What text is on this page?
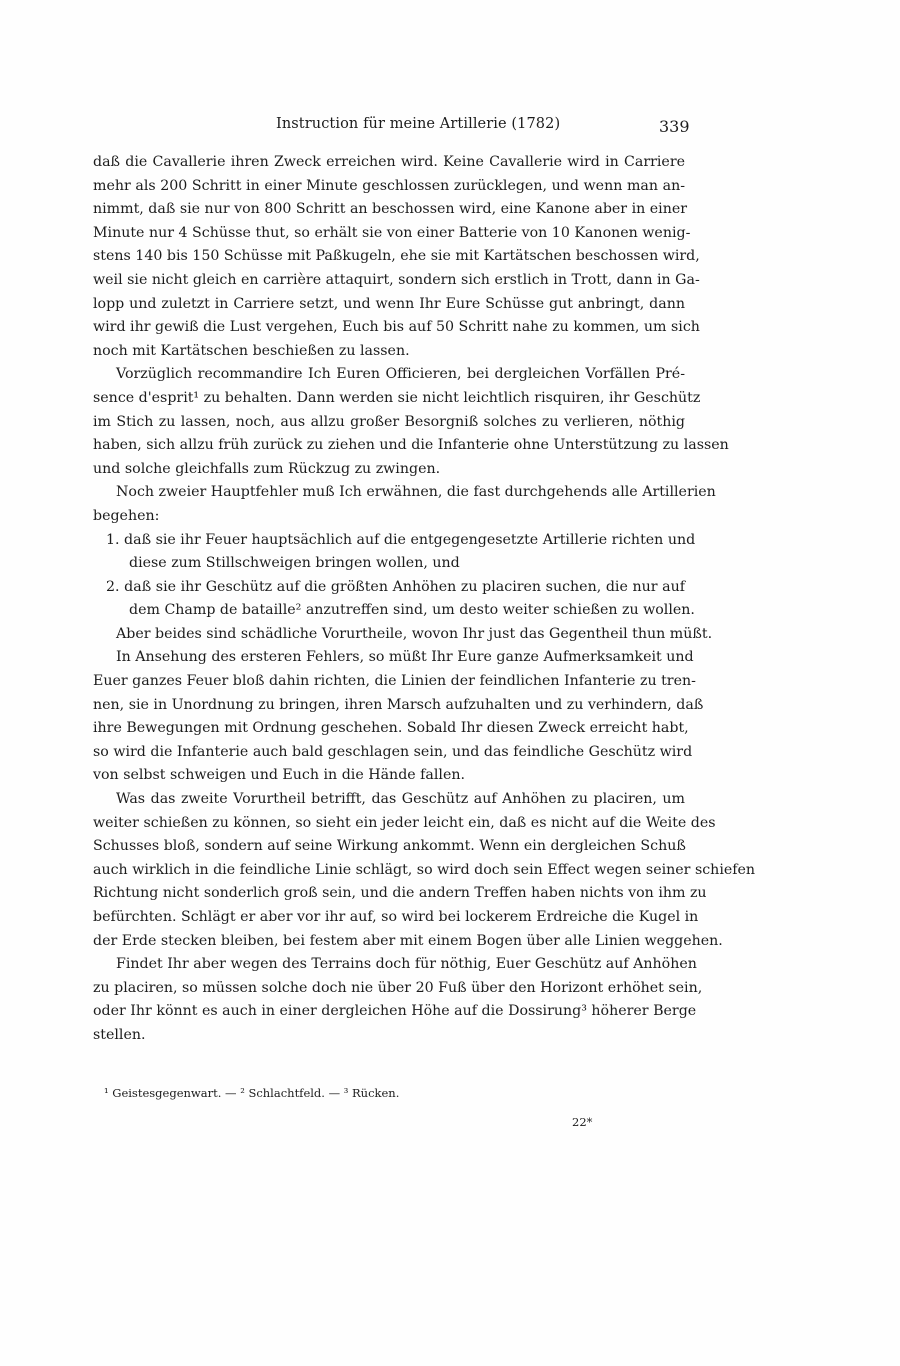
Instruction für meine Artillerie (1782)	339
daß die Cavallerie ihren Zweck erreichen wird. Keine Cavallerie wird in Carriere
mehr als 200 Schritt in einer Minute geschlossen zurücklegen, und wenn man an-
nimmt, daß sie nur von 800 Schritt an beschossen wird, eine Kanone aber in einer
Minute nur 4 Schüsse thut, so erhält sie von einer Batterie von 10 Kanonen wenig-
stens 140 bis 150 Schüsse mit Paßkugeln, ehe sie mit Kartätschen beschossen wird,
weil sie nicht gleich en carrière attaquirt, sondern sich erstlich in Trott, dann in Ga-
lopp und zuletzt in Carriere setzt, und wenn Ihr Eure Schüsse gut anbringt, dann
wird ihr gewiß die Lust vergehen, Euch bis auf 50 Schritt nahe zu kommen, um sich
noch mit Kartätschen beschießen zu lassen.
Vorzüglich recommandire Ich Euren Officieren, bei dergleichen Vorfällen Pré-
sence d'esprit¹ zu behalten. Dann werden sie nicht leichtlich risquiren, ihr Geschütz
im Stich zu lassen, noch, aus allzu großer Besorgniß solches zu verlieren, nöthig
haben, sich allzu früh zurück zu ziehen und die Infanterie ohne Unterstützung zu lassen
und solche gleichfalls zum Rückzug zu zwingen.
Noch zweier Hauptfehler muß Ich erwähnen, die fast durchgehends alle Artillerien
begehen:
1. daß sie ihr Feuer hauptsächlich auf die entgegengesetzte Artillerie richten und
diese zum Stillschweigen bringen wollen, und
2. daß sie ihr Geschütz auf die größten Anhöhen zu placiren suchen, die nur auf
dem Champ de bataille² anzutreffen sind, um desto weiter schießen zu wollen.
Aber beides sind schädliche Vorurtheile, wovon Ihr just das Gegentheil thun müßt.
In Ansehung des ersteren Fehlers, so müßt Ihr Eure ganze Aufmerksamkeit und
Euer ganzes Feuer bloß dahin richten, die Linien der feindlichen Infanterie zu tren-
nen, sie in Unordnung zu bringen, ihren Marsch aufzuhalten und zu verhindern, daß
ihre Bewegungen mit Ordnung geschehen. Sobald Ihr diesen Zweck erreicht habt,
so wird die Infanterie auch bald geschlagen sein, und das feindliche Geschütz wird
von selbst schweigen und Euch in die Hände fallen.
Was das zweite Vorurtheil betrifft, das Geschütz auf Anhöhen zu placiren, um
weiter schießen zu können, so sieht ein jeder leicht ein, daß es nicht auf die Weite des
Schusses bloß, sondern auf seine Wirkung ankommt. Wenn ein dergleichen Schuß
auch wirklich in die feindliche Linie schlägt, so wird doch sein Effect wegen seiner schiefen
Richtung nicht sonderlich groß sein, und die andern Treffen haben nichts von ihm zu
befürchten. Schlägt er aber vor ihr auf, so wird bei lockerem Erdreiche die Kugel in
der Erde stecken bleiben, bei festem aber mit einem Bogen über alle Linien weggehen.
Findet Ihr aber wegen des Terrains doch für nöthig, Euer Geschütz auf Anhöhen
zu placiren, so müssen solche doch nie über 20 Fuß über den Horizont erhöhet sein,
oder Ihr könnt es auch in einer dergleichen Höhe auf die Dossirung³ höherer Berge
stellen.
¹ Geistesgegenwart. — ² Schlachtfeld. — ³ Rücken.
22*
